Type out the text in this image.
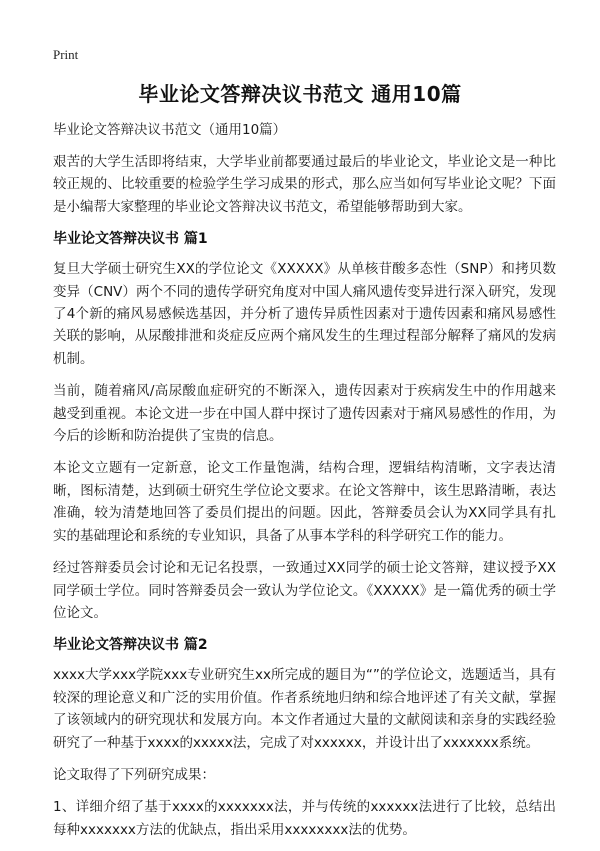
Print
毕业论文答辩决议书范文 通用10篇

毕业论文答辩决议书范文（通用10篇）

艰苦的大学生活即将结束，大学毕业前都要通过最后的毕业论文，毕业论文是一种比较正规的、比较重要的检验学生学习成果的形式，那么应当如何写毕业论文呢？下面是小编帮大家整理的毕业论文答辩决议书范文，希望能够帮助到大家。

毕业论文答辩决议书 篇1

复旦大学硕士研究生XX的学位论文《XXXXX》从单核苷酸多态性（SNP）和拷贝数变异（CNV）两个不同的遗传学研究角度对中国人痛风遗传变异进行深入研究，发现了4个新的痛风易感候选基因，并分析了遗传异质性因素对于遗传因素和痛风易感性关联的影响，从尿酸排泄和炎症反应两个痛风发生的生理过程部分解释了痛风的发病机制。

当前，随着痛风/高尿酸血症研究的不断深入，遗传因素对于疾病发生中的作用越来越受到重视。本论文进一步在中国人群中探讨了遗传因素对于痛风易感性的作用，为今后的诊断和防治提供了宝贵的信息。

本论文立题有一定新意，论文工作量饱满，结构合理，逻辑结构清晰，文字表达清晰，图标清楚，达到硕士研究生学位论文要求。在论文答辩中，该生思路清晰，表达准确，较为清楚地回答了委员们提出的问题。因此，答辩委员会认为XX同学具有扎实的基础理论和系统的专业知识，具备了从事本学科的科学研究工作的能力。

经过答辩委员会讨论和无记名投票，一致通过XX同学的硕士论文答辩，建议授予XX同学硕士学位。同时答辩委员会一致认为学位论文。《XXXXX》是一篇优秀的硕士学位论文。

毕业论文答辩决议书 篇2

xxxx大学xxx学院xxx专业研究生xx所完成的题目为“”的学位论文，选题适当，具有较深的理论意义和广泛的实用价值。作者系统地归纳和综合地评述了有关文献，掌握了该领域内的研究现状和发展方向。本文作者通过大量的文献阅读和亲身的实践经验研究了一种基于xxxx的xxxxx法，完成了对xxxxxx，并设计出了xxxxxxx系统。

论文取得了下列研究成果：

1、详细介绍了基于xxxx的xxxxxxx法，并与传统的xxxxxx法进行了比较，总结出每种xxxxxxx方法的优缺点，指出采用xxxxxxxx法的优势。
